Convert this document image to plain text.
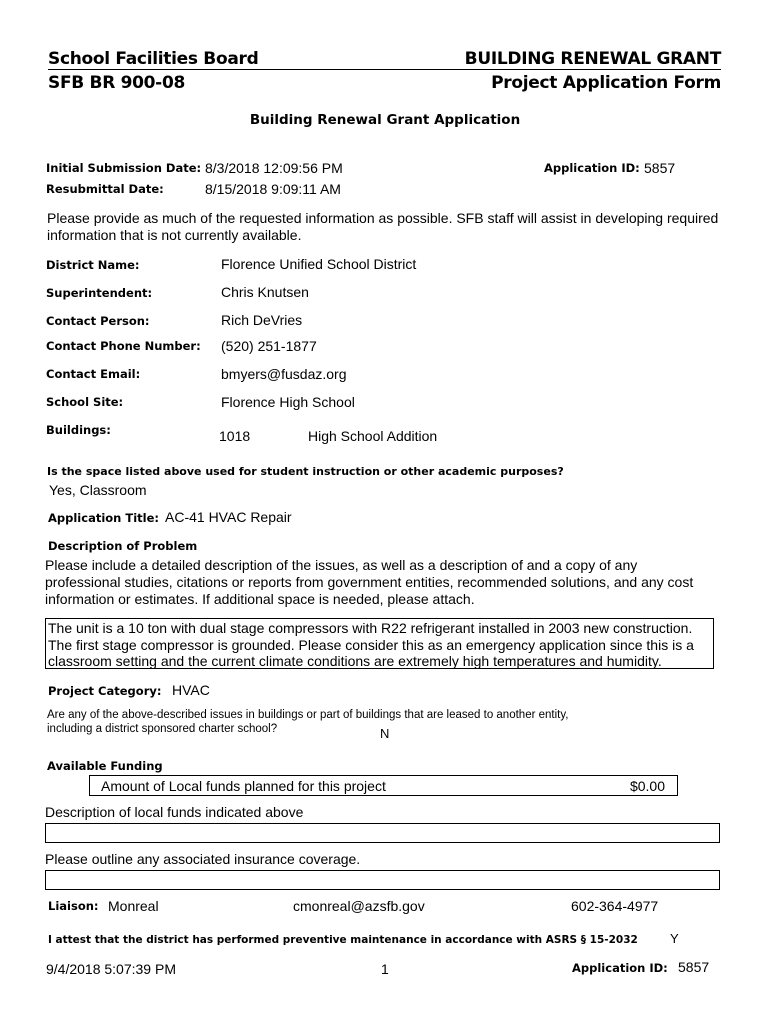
School Facilities Board
SFB BR 900-08
BUILDING RENEWAL GRANT
Project Application Form
Building Renewal Grant Application
Initial Submission Date: 8/3/2018 12:09:56 PM
Resubmittal Date:	8/15/2018 9:09:11 AM
Application ID: 5857
Please provide as much of the requested information as possible. SFB staff will assist in developing required information that is not currently available.
District Name:	Florence Unified School District
Superintendent:	Chris Knutsen
Contact Person:	Rich DeVries
Contact Phone Number: (520) 251-1877
Contact Email:	bmyers@fusdaz.org
School Site:	Florence High School
Buildings:	1018	High School Addition
Is the space listed above used for student instruction or other academic purposes?
Yes, Classroom
Application Title: AC-41 HVAC Repair
Description of Problem
Please include a detailed description of the issues, as well as a description of and a copy of any professional studies, citations or reports from government entities, recommended solutions, and any cost information or estimates. If additional space is needed, please attach.
The unit is a 10 ton with dual stage compressors with R22 refrigerant installed in 2003 new construction.
The first stage compressor is grounded. Please consider this as an emergency application since this is a
classroom setting and the current climate conditions are extremely high temperatures and humidity.
Project Category: HVAC
Are any of the above-described issues in buildings or part of buildings that are leased to another entity,
including a district sponsored charter school?	N
Available Funding
Amount of Local funds planned for this project	$0.00
Description of local funds indicated above
Please outline any associated insurance coverage.
Liaison: Monreal	cmonreal@azsfb.gov	602-364-4977
I attest that the district has performed preventive maintenance in accordance with ASRS § 15-2032 Y
9/4/2018 5:07:39 PM	1	Application ID: 5857
